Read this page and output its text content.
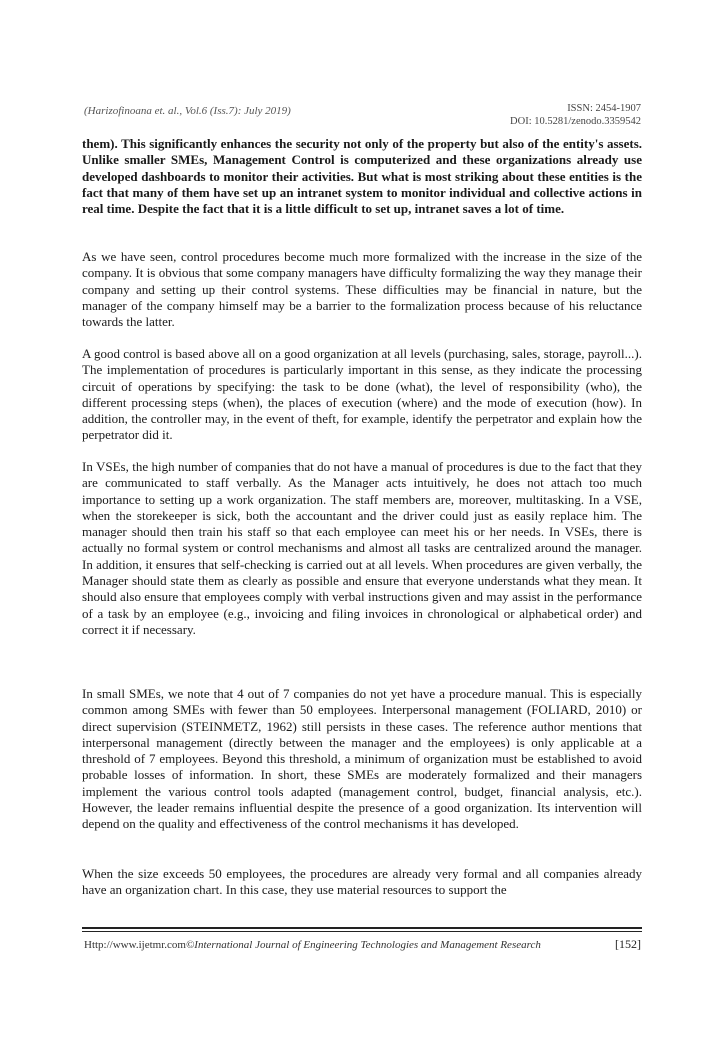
(Harizofinoana et. al., Vol.6 (Iss.7): July 2019)	ISSN: 2454-1907
DOI: 10.5281/zenodo.3359542

them). This significantly enhances the security not only of the property but also of the entity's assets. Unlike smaller SMEs, Management Control is computerized and these organizations already use developed dashboards to monitor their activities. But what is most striking about these entities is the fact that many of them have set up an intranet system to monitor individual and collective actions in real time. Despite the fact that it is a little difficult to set up, intranet saves a lot of time.

As we have seen, control procedures become much more formalized with the increase in the size of the company. It is obvious that some company managers have difficulty formalizing the way they manage their company and setting up their control systems. These difficulties may be financial in nature, but the manager of the company himself may be a barrier to the formalization process because of his reluctance towards the latter.

A good control is based above all on a good organization at all levels (purchasing, sales, storage, payroll...). The implementation of procedures is particularly important in this sense, as they indicate the processing circuit of operations by specifying: the task to be done (what), the level of responsibility (who), the different processing steps (when), the places of execution (where) and the mode of execution (how). In addition, the controller may, in the event of theft, for example, identify the perpetrator and explain how the perpetrator did it.

In VSEs, the high number of companies that do not have a manual of procedures is due to the fact that they are communicated to staff verbally. As the Manager acts intuitively, he does not attach too much importance to setting up a work organization. The staff members are, moreover, multitasking. In a VSE, when the storekeeper is sick, both the accountant and the driver could just as easily replace him. The manager should then train his staff so that each employee can meet his or her needs. In VSEs, there is actually no formal system or control mechanisms and almost all tasks are centralized around the manager. In addition, it ensures that self-checking is carried out at all levels. When procedures are given verbally, the Manager should state them as clearly as possible and ensure that everyone understands what they mean. It should also ensure that employees comply with verbal instructions given and may assist in the performance of a task by an employee (e.g., invoicing and filing invoices in chronological or alphabetical order) and correct it if necessary.

In small SMEs, we note that 4 out of 7 companies do not yet have a procedure manual. This is especially common among SMEs with fewer than 50 employees. Interpersonal management (FOLIARD, 2010) or direct supervision (STEINMETZ, 1962) still persists in these cases. The reference author mentions that interpersonal management (directly between the manager and the employees) is only applicable at a threshold of 7 employees. Beyond this threshold, a minimum of organization must be established to avoid probable losses of information. In short, these SMEs are moderately formalized and their managers implement the various control tools adapted (management control, budget, financial analysis, etc.). However, the leader remains influential despite the presence of a good organization. Its intervention will depend on the quality and effectiveness of the control mechanisms it has developed.

When the size exceeds 50 employees, the procedures are already very formal and all companies already have an organization chart. In this case, they use material resources to support the

Http://www.ijetmr.com©International Journal of Engineering Technologies and Management Research	[152]
